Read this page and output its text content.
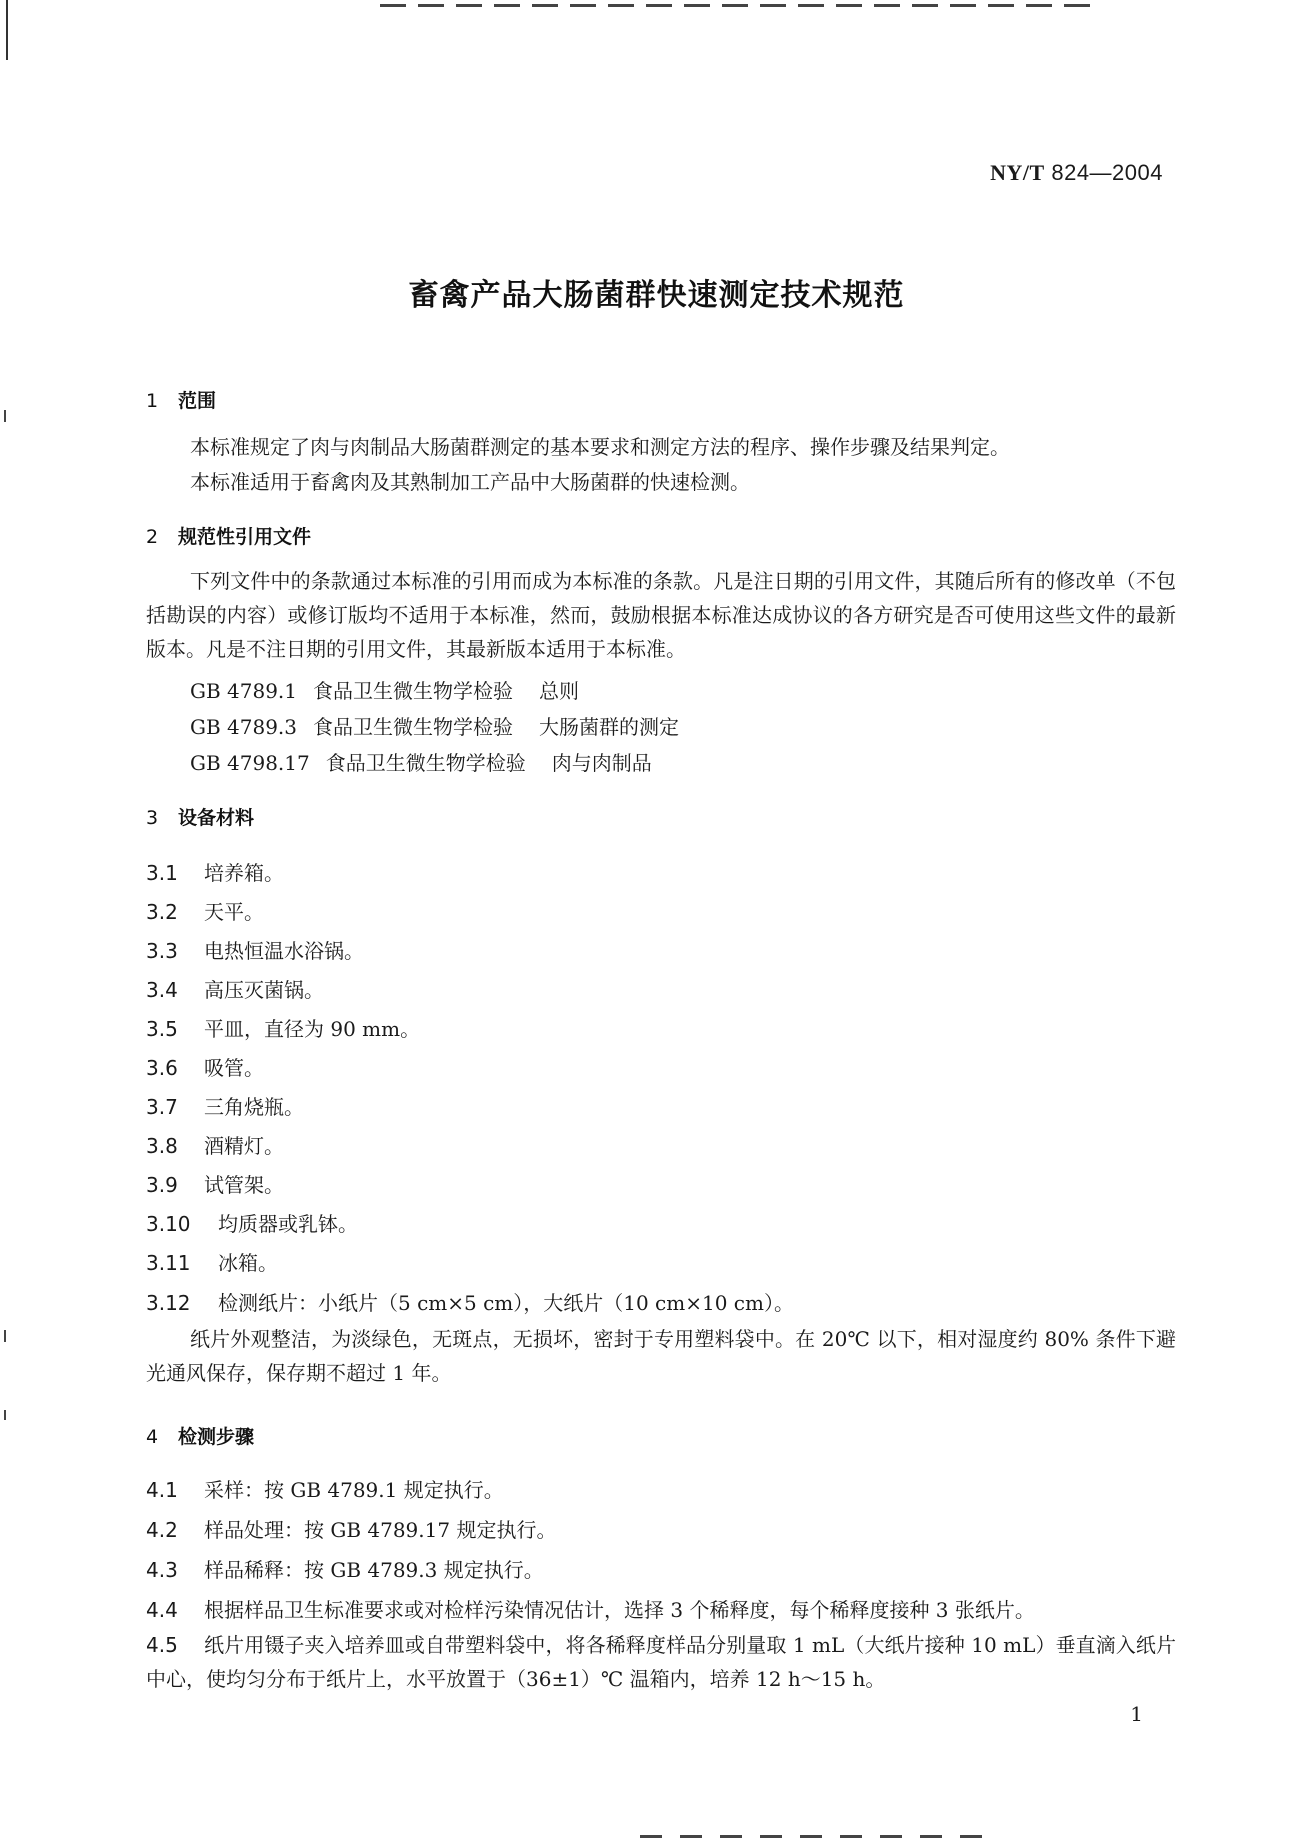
NY/T 824—2004
畜禽产品大肠菌群快速测定技术规范
1 范围
本标准规定了肉与肉制品大肠菌群测定的基本要求和测定方法的程序、操作步骤及结果判定。
本标准适用于畜禽肉及其熟制加工产品中大肠菌群的快速检测。
2 规范性引用文件
下列文件中的条款通过本标准的引用而成为本标准的条款。凡是注日期的引用文件，其随后所有的修改单（不包括勘误的内容）或修订版均不适用于本标准，然而，鼓励根据本标准达成协议的各方研究是否可使用这些文件的最新版本。凡是不注日期的引用文件，其最新版本适用于本标准。
GB 4789.1 食品卫生微生物学检验 总则
GB 4789.3 食品卫生微生物学检验 大肠菌群的测定
GB 4798.17 食品卫生微生物学检验 肉与肉制品
3 设备材料
3.1 培养箱。
3.2 天平。
3.3 电热恒温水浴锅。
3.4 高压灭菌锅。
3.5 平皿，直径为 90 mm。
3.6 吸管。
3.7 三角烧瓶。
3.8 酒精灯。
3.9 试管架。
3.10 均质器或乳钵。
3.11 冰箱。
3.12 检测纸片：小纸片（5 cm×5 cm），大纸片（10 cm×10 cm）。
纸片外观整洁，为淡绿色，无斑点，无损坏，密封于专用塑料袋中。在 20℃ 以下，相对湿度约 80% 条件下避光通风保存，保存期不超过 1 年。
4 检测步骤
4.1 采样：按 GB 4789.1 规定执行。
4.2 样品处理：按 GB 4789.17 规定执行。
4.3 样品稀释：按 GB 4789.3 规定执行。
4.4 根据样品卫生标准要求或对检样污染情况估计，选择 3 个稀释度，每个稀释度接种 3 张纸片。
4.5 纸片用镊子夹入培养皿或自带塑料袋中，将各稀释度样品分别量取 1 mL（大纸片接种 10 mL）垂直滴入纸片中心，使均匀分布于纸片上，水平放置于（36±1）℃ 温箱内，培养 12 h～15 h。
1
